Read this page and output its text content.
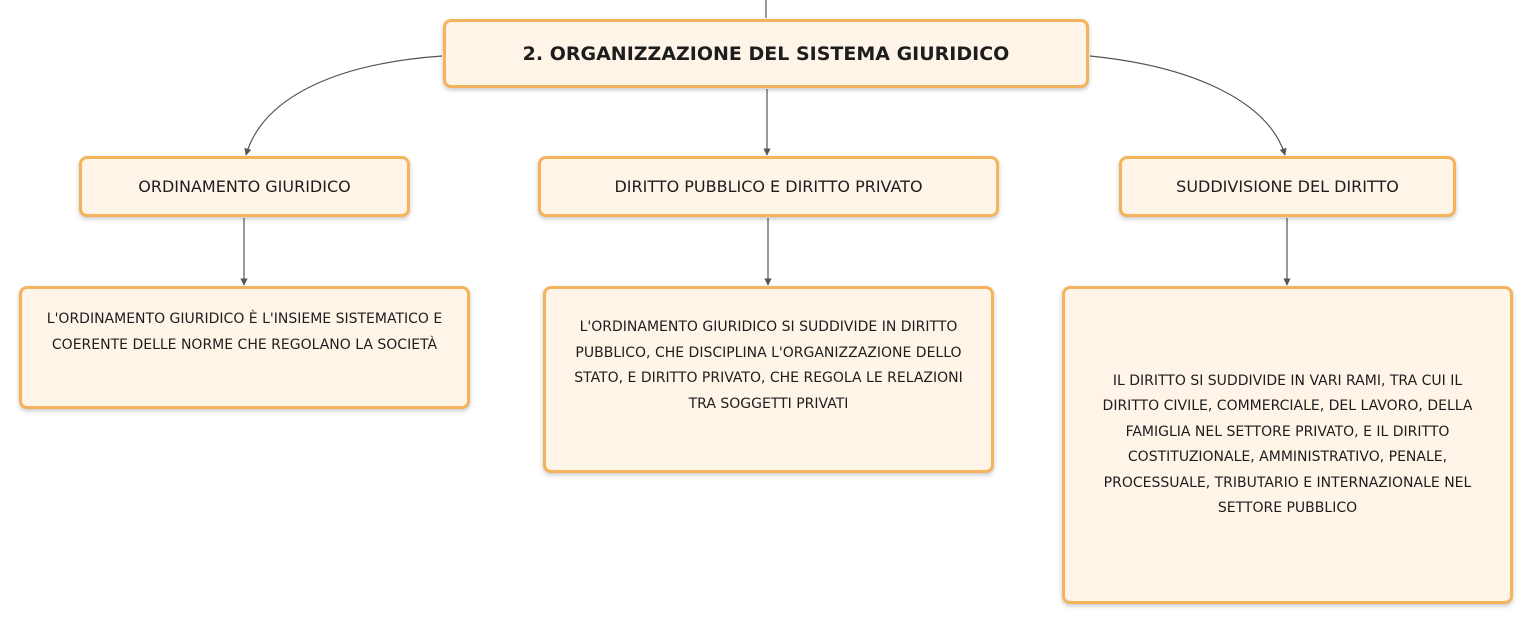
2. ORGANIZZAZIONE DEL SISTEMA GIURIDICO
ORDINAMENTO GIURIDICO	DIRITTO PUBBLICO E DIRITTO PRIVATO	SUDDIVISIONE DEL DIRITTO
L'ORDINAMENTO GIURIDICO È L'INSIEME SISTEMATICO E COERENTE DELLE NORME CHE REGOLANO LA SOCIETÀ
L'ORDINAMENTO GIURIDICO SI SUDDIVIDE IN DIRITTO PUBBLICO, CHE DISCIPLINA L'ORGANIZZAZIONE DELLO STATO, E DIRITTO PRIVATO, CHE REGOLA LE RELAZIONI TRA SOGGETTI PRIVATI
IL DIRITTO SI SUDDIVIDE IN VARI RAMI, TRA CUI IL DIRITTO CIVILE, COMMERCIALE, DEL LAVORO, DELLA FAMIGLIA NEL SETTORE PRIVATO, E IL DIRITTO COSTITUZIONALE, AMMINISTRATIVO, PENALE, PROCESSUALE, TRIBUTARIO E INTERNAZIONALE NEL SETTORE PUBBLICO
